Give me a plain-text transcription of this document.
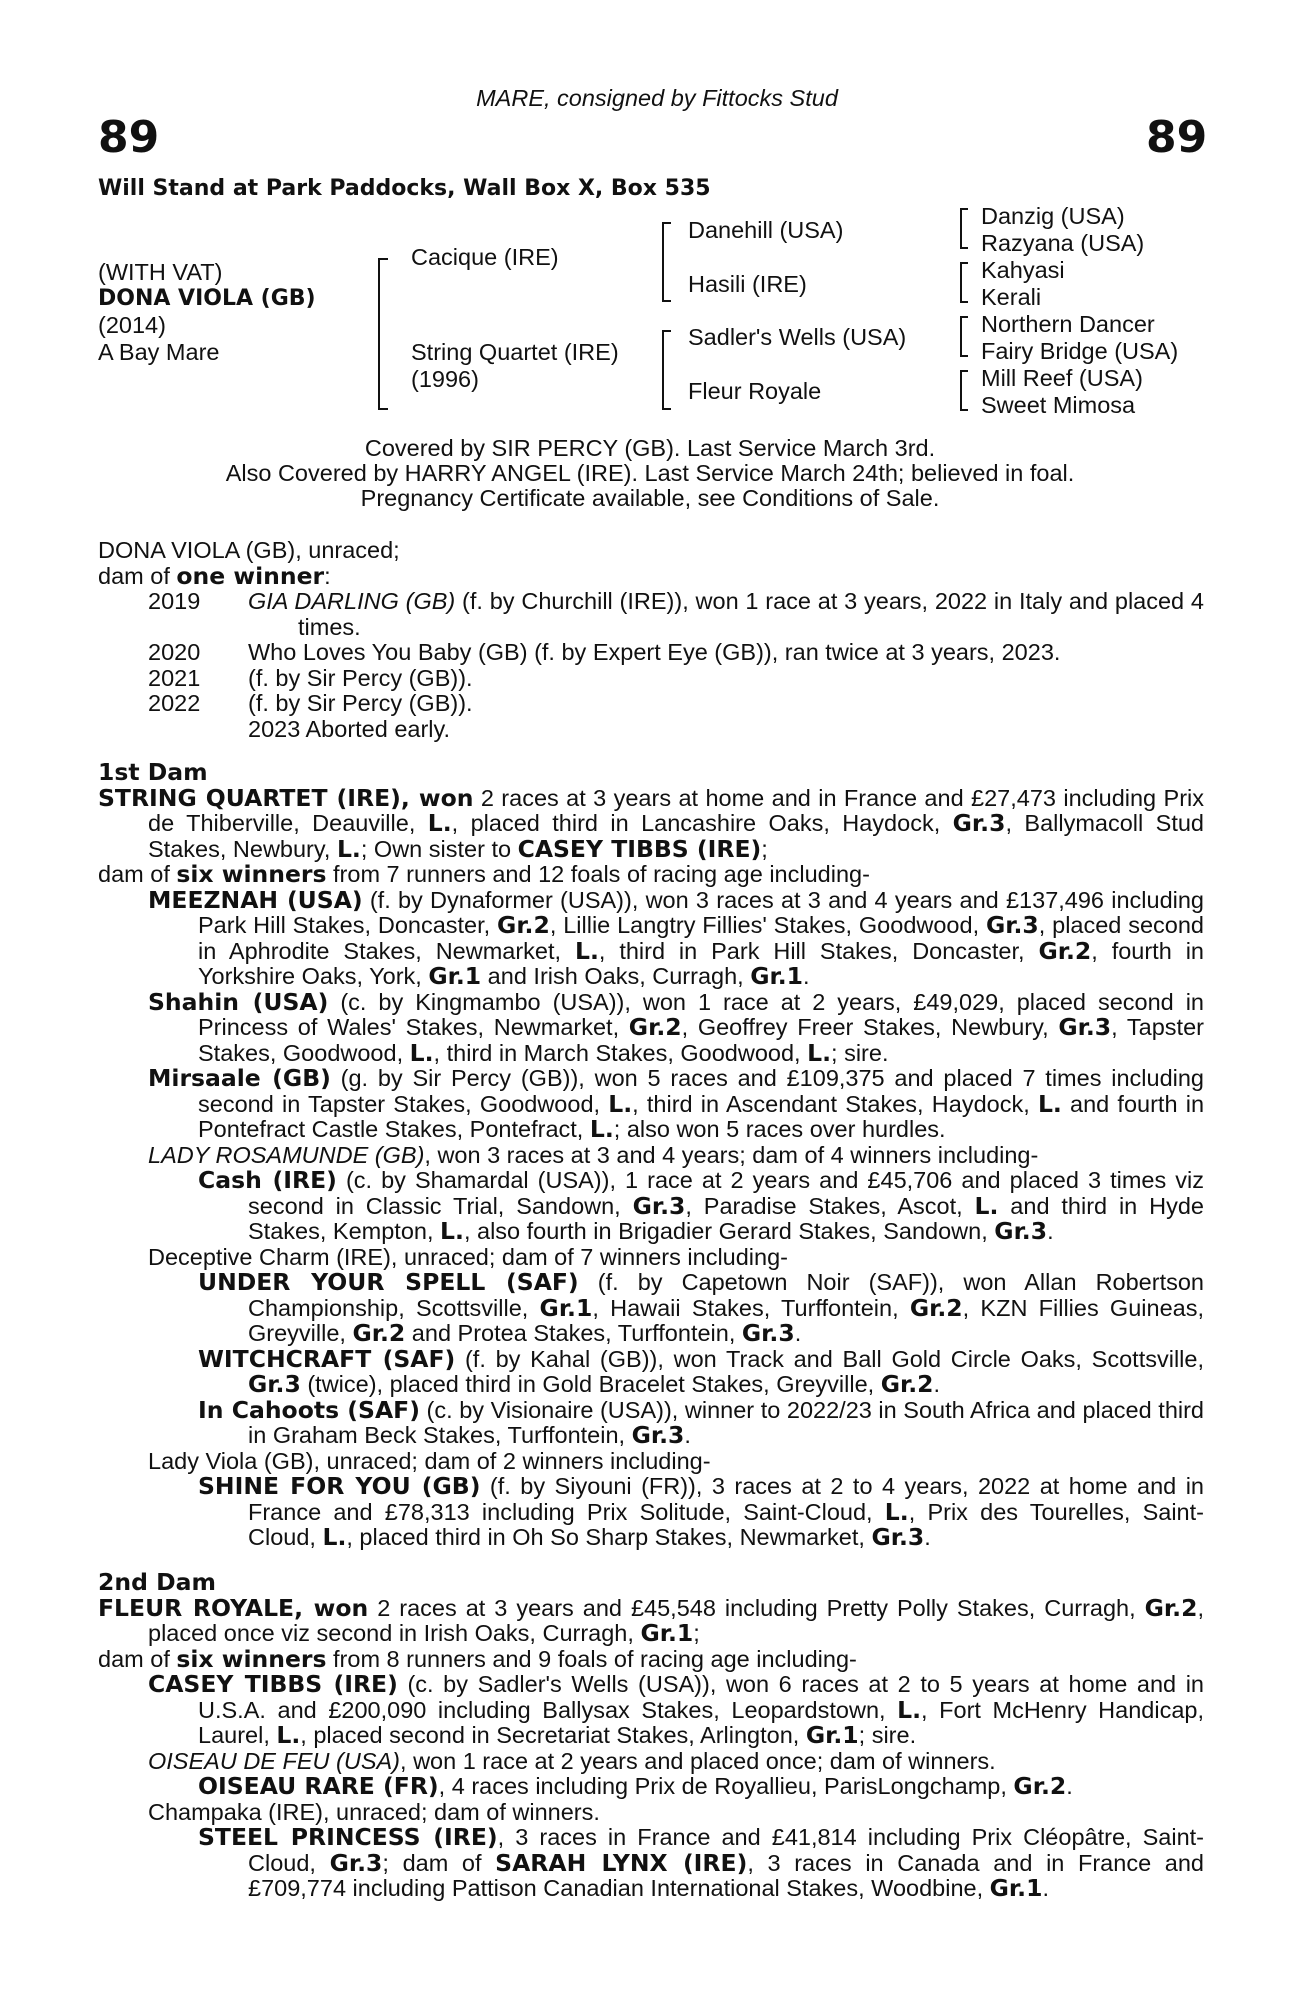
MARE, consigned by Fittocks Stud
89	89
Will Stand at Park Paddocks, Wall Box X, Box 535
(WITH VAT)
DONA VIOLA (GB)
(2014)
A Bay Mare
Cacique (IRE)
String Quartet (IRE)
(1996)
Danehill (USA)
Hasili (IRE)
Sadler's Wells (USA)
Fleur Royale
Danzig (USA)
Razyana (USA)
Kahyasi
Kerali
Northern Dancer
Fairy Bridge (USA)
Mill Reef (USA)
Sweet Mimosa
Covered by SIR PERCY (GB). Last Service March 3rd.
Also Covered by HARRY ANGEL (IRE). Last Service March 24th; believed in foal.
Pregnancy Certificate available, see Conditions of Sale.

DONA VIOLA (GB), unraced;

dam of one winner:

2019	GIA DARLING (GB) (f. by Churchill (IRE)), won 1 race at 3 years, 2022 in Italy and placed 4 times.
2020	Who Loves You Baby (GB) (f. by Expert Eye (GB)), ran twice at 3 years, 2023.
2021	(f. by Sir Percy (GB)).
2022	(f. by Sir Percy (GB)).
2023 Aborted early.

1st Dam

STRING QUARTET (IRE), won 2 races at 3 years at home and in France and £27,473 including Prix de Thiberville, Deauville, L., placed third in Lancashire Oaks, Haydock, Gr.3, Ballymacoll Stud Stakes, Newbury, L.; Own sister to CASEY TIBBS (IRE);

dam of six winners from 7 runners and 12 foals of racing age including-

MEEZNAH (USA) (f. by Dynaformer (USA)), won 3 races at 3 and 4 years and £137,496 including Park Hill Stakes, Doncaster, Gr.2, Lillie Langtry Fillies' Stakes, Goodwood, Gr.3, placed second in Aphrodite Stakes, Newmarket, L., third in Park Hill Stakes, Doncaster, Gr.2, fourth in Yorkshire Oaks, York, Gr.1 and Irish Oaks, Curragh, Gr.1.

Shahin (USA) (c. by Kingmambo (USA)), won 1 race at 2 years, £49,029, placed second in Princess of Wales' Stakes, Newmarket, Gr.2, Geoffrey Freer Stakes, Newbury, Gr.3, Tapster Stakes, Goodwood, L., third in March Stakes, Goodwood, L.; sire.

Mirsaale (GB) (g. by Sir Percy (GB)), won 5 races and £109,375 and placed 7 times including second in Tapster Stakes, Goodwood, L., third in Ascendant Stakes, Haydock, L. and fourth in Pontefract Castle Stakes, Pontefract, L.; also won 5 races over hurdles.

LADY ROSAMUNDE (GB), won 3 races at 3 and 4 years; dam of 4 winners including-

Cash (IRE) (c. by Shamardal (USA)), 1 race at 2 years and £45,706 and placed 3 times viz second in Classic Trial, Sandown, Gr.3, Paradise Stakes, Ascot, L. and third in Hyde Stakes, Kempton, L., also fourth in Brigadier Gerard Stakes, Sandown, Gr.3.

Deceptive Charm (IRE), unraced; dam of 7 winners including-

UNDER YOUR SPELL (SAF) (f. by Capetown Noir (SAF)), won Allan Robertson Championship, Scottsville, Gr.1, Hawaii Stakes, Turffontein, Gr.2, KZN Fillies Guineas, Greyville, Gr.2 and Protea Stakes, Turffontein, Gr.3.

WITCHCRAFT (SAF) (f. by Kahal (GB)), won Track and Ball Gold Circle Oaks, Scottsville, Gr.3 (twice), placed third in Gold Bracelet Stakes, Greyville, Gr.2.

In Cahoots (SAF) (c. by Visionaire (USA)), winner to 2022/23 in South Africa and placed third in Graham Beck Stakes, Turffontein, Gr.3.

Lady Viola (GB), unraced; dam of 2 winners including-

SHINE FOR YOU (GB) (f. by Siyouni (FR)), 3 races at 2 to 4 years, 2022 at home and in France and £78,313 including Prix Solitude, Saint-Cloud, L., Prix des Tourelles, Saint-Cloud, L., placed third in Oh So Sharp Stakes, Newmarket, Gr.3.

2nd Dam

FLEUR ROYALE, won 2 races at 3 years and £45,548 including Pretty Polly Stakes, Curragh, Gr.2, placed once viz second in Irish Oaks, Curragh, Gr.1;

dam of six winners from 8 runners and 9 foals of racing age including-

CASEY TIBBS (IRE) (c. by Sadler's Wells (USA)), won 6 races at 2 to 5 years at home and in U.S.A. and £200,090 including Ballysax Stakes, Leopardstown, L., Fort McHenry Handicap, Laurel, L., placed second in Secretariat Stakes, Arlington, Gr.1; sire.

OISEAU DE FEU (USA), won 1 race at 2 years and placed once; dam of winners.

OISEAU RARE (FR), 4 races including Prix de Royallieu, ParisLongchamp, Gr.2.

Champaka (IRE), unraced; dam of winners.

STEEL PRINCESS (IRE), 3 races in France and £41,814 including Prix Cléopâtre, Saint-Cloud, Gr.3; dam of SARAH LYNX (IRE), 3 races in Canada and in France and £709,774 including Pattison Canadian International Stakes, Woodbine, Gr.1.
